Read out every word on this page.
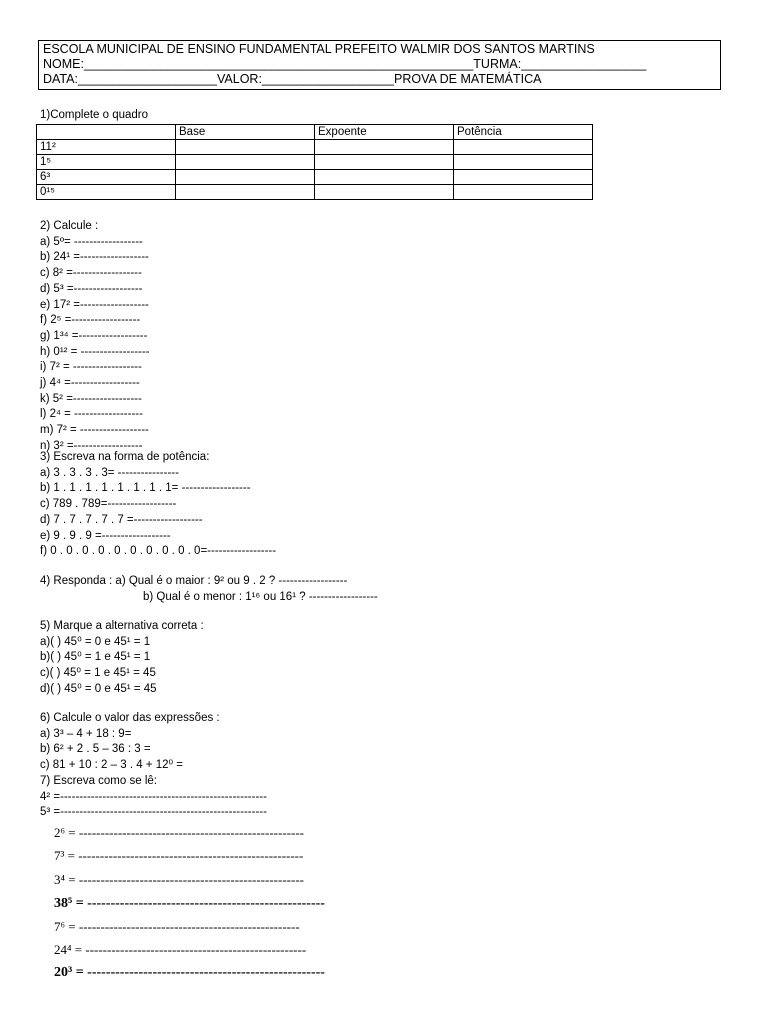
ESCOLA MUNICIPAL DE ENSINO FUNDAMENTAL PREFEITO WALMIR DOS SANTOS MARTINS
NOME:________________________________________________________TURMA:__________________
DATA:____________________VALOR:___________________PROVA DE MATEMÁTICA
1)Complete o quadro
	Base	Expoente	Potência
11²			
1⁵			
6³			
0¹⁵			
2) Calcule :
a) 5º= ------------------
b) 24¹ =------------------
c) 8² =------------------
d) 5³ =------------------
e) 17² =------------------
f) 2⁵ =------------------
g) 1³⁴ =------------------
h) 0¹² = ------------------
i) 7² = ------------------
j) 4⁴ =------------------
k) 5² =------------------
l) 2⁴ = ------------------
m) 7² = ------------------
n) 3² =------------------
3) Escreva na forma de potência:
a) 3 . 3 . 3 . 3= ----------------
b) 1 . 1 . 1 . 1 . 1 . 1 . 1 . 1= ------------------
c) 789 . 789=------------------
d) 7 . 7 . 7 . 7 . 7 =------------------
e) 9 . 9 . 9 =------------------
f) 0 . 0 . 0 . 0 . 0 . 0 . 0 . 0 . 0 . 0=------------------
4) Responda : a) Qual é o maior : 9² ou 9 . 2 ? ------------------
b) Qual é o menor : 1¹⁶ ou 16¹ ? ------------------
5) Marque a alternativa correta :
a)( ) 45⁰ = 0 e 45¹ = 1
b)( ) 45⁰ = 1 e 45¹ = 1
c)( ) 45⁰ = 1 e 45¹ = 45
d)( ) 45⁰ = 0 e 45¹ = 45
6) Calcule o valor das expressões :
a) 3³ – 4 + 18 : 9=
b) 6² + 2 . 5 – 36 : 3 =
c) 81 + 10 : 2 – 3 . 4 + 12⁰ =
7) Escreva como se lê:
4² =------------------------------------------------------
5³ =------------------------------------------------------
2⁶ = ----------------------------------------------------
7³ = ----------------------------------------------------
3⁴ = ----------------------------------------------------
38⁵ = ---------------------------------------------------
7⁶ = ---------------------------------------------------
24⁴ = ---------------------------------------------------
20³ = ---------------------------------------------------
